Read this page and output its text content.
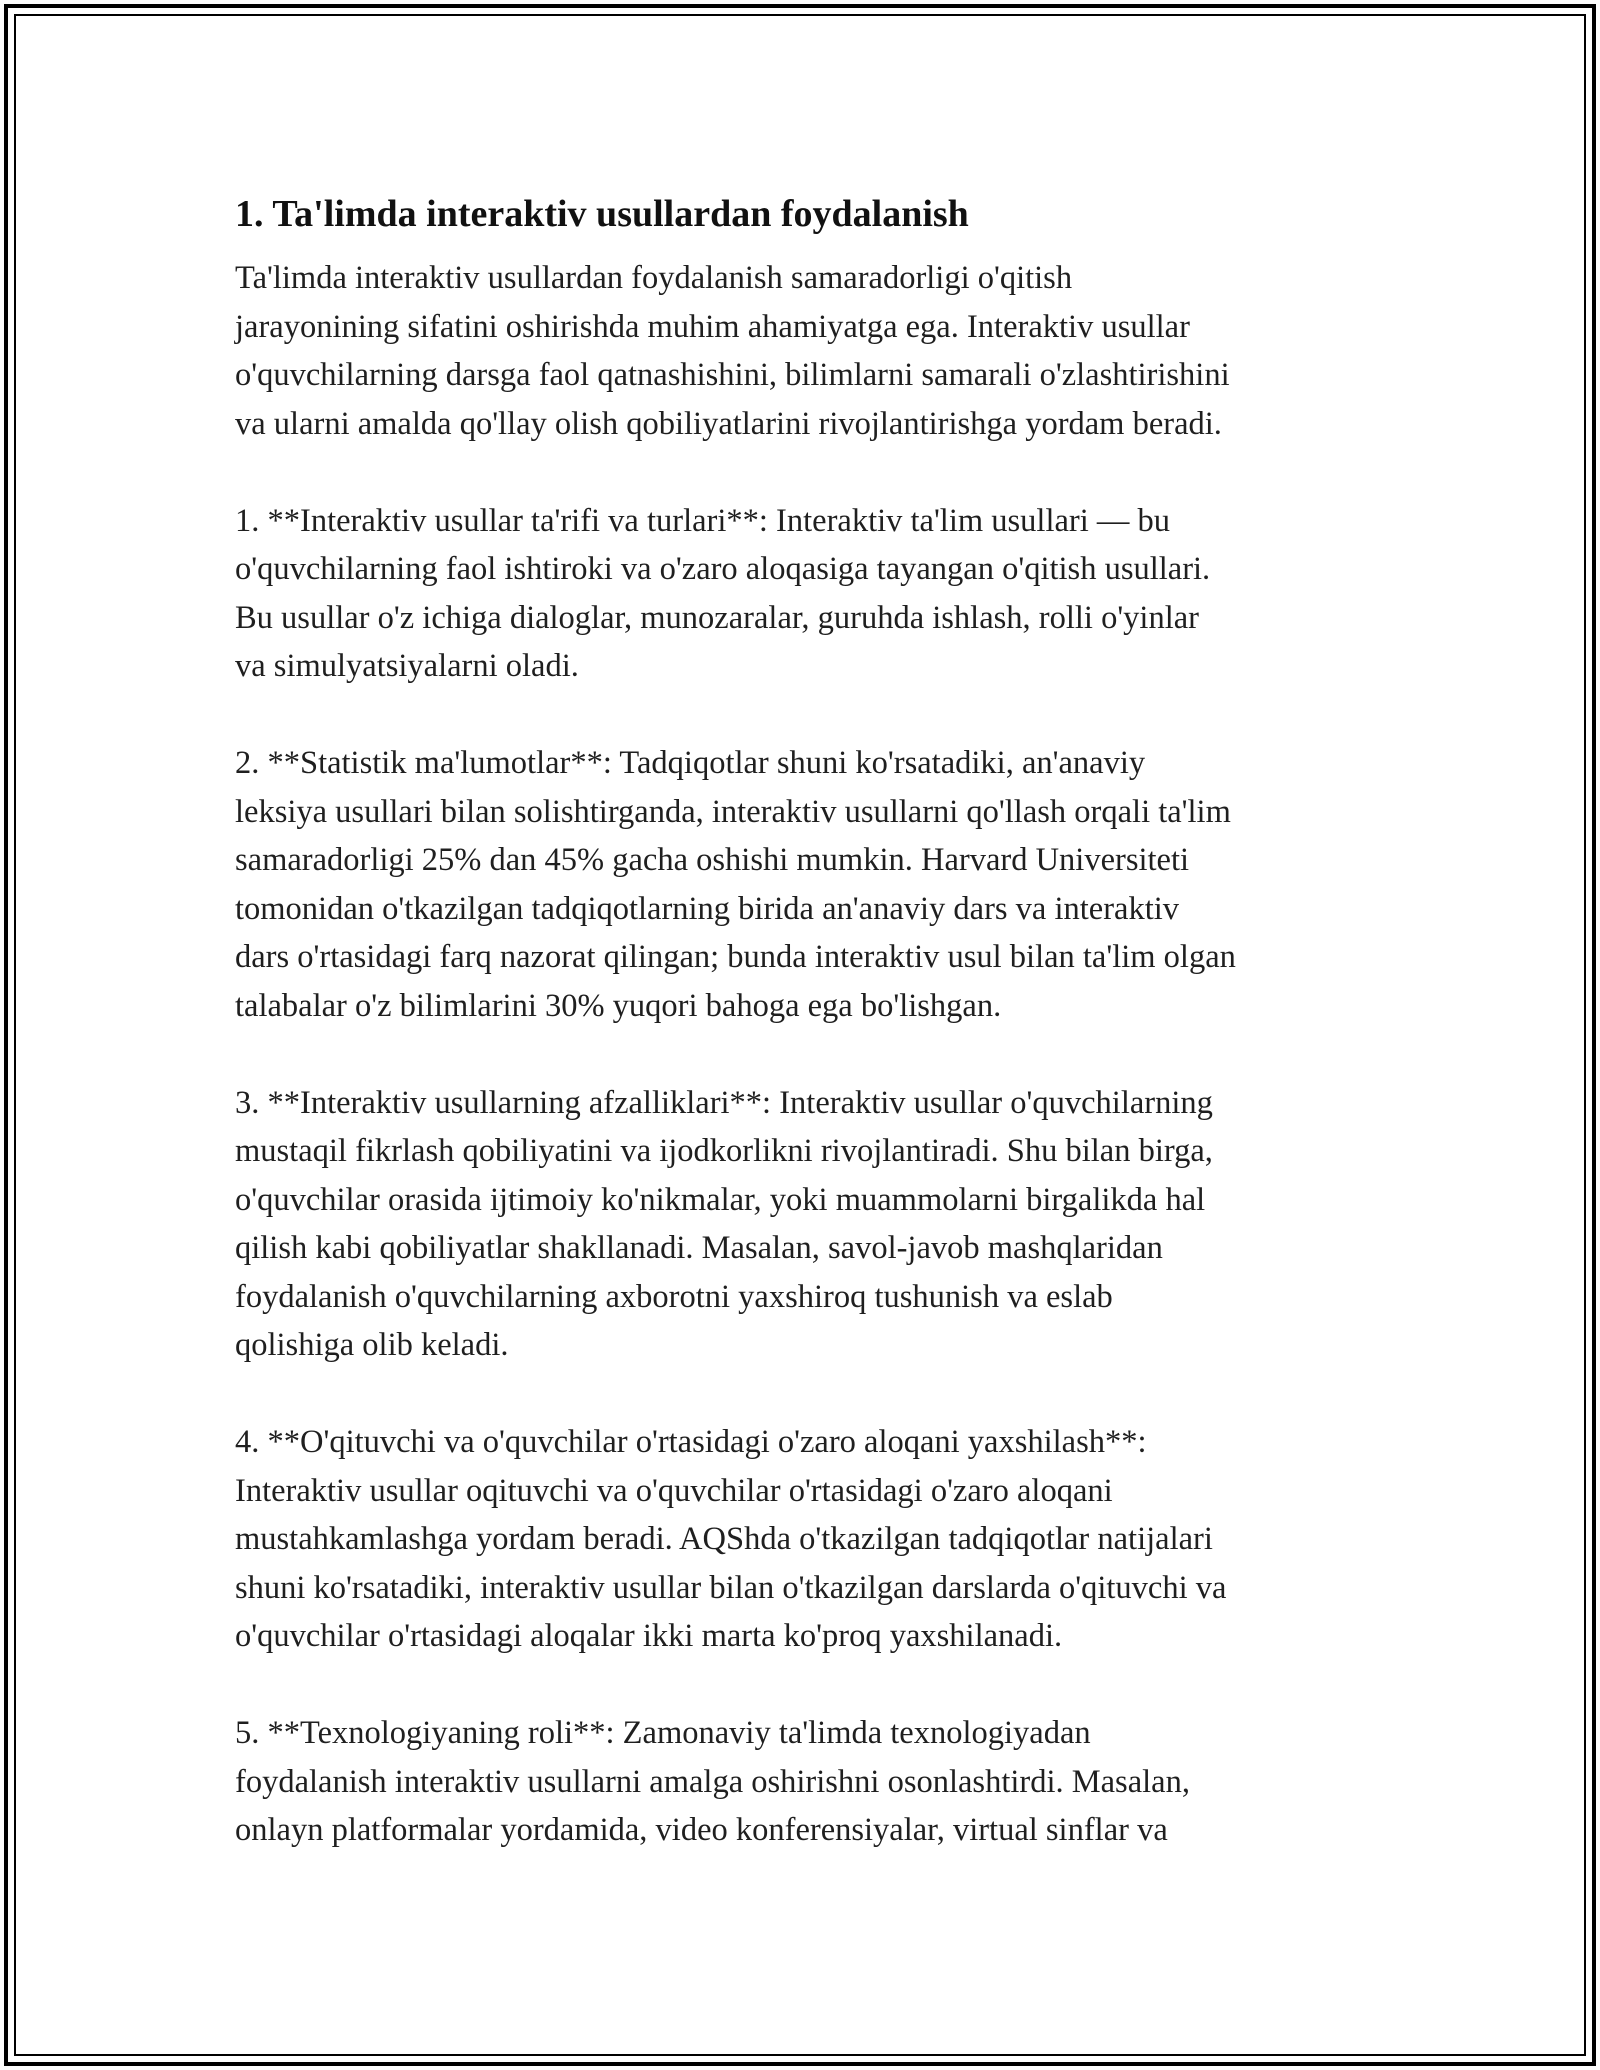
1. Ta'limda interaktiv usullardan foydalanish

Ta'limda interaktiv usullardan foydalanish samaradorligi o'qitish
jarayonining sifatini oshirishda muhim ahamiyatga ega. Interaktiv usullar
o'quvchilarning darsga faol qatnashishini, bilimlarni samarali o'zlashtirishini
va ularni amalda qo'llay olish qobiliyatlarini rivojlantirishga yordam beradi.

1. **Interaktiv usullar ta'rifi va turlari**: Interaktiv ta'lim usullari — bu
o'quvchilarning faol ishtiroki va o'zaro aloqasiga tayangan o'qitish usullari.
Bu usullar o'z ichiga dialoglar, munozaralar, guruhda ishlash, rolli o'yinlar
va simulyatsiyalarni oladi.

2. **Statistik ma'lumotlar**: Tadqiqotlar shuni ko'rsatadiki, an'anaviy
leksiya usullari bilan solishtirganda, interaktiv usullarni qo'llash orqali ta'lim
samaradorligi 25% dan 45% gacha oshishi mumkin. Harvard Universiteti
tomonidan o'tkazilgan tadqiqotlarning birida an'anaviy dars va interaktiv
dars o'rtasidagi farq nazorat qilingan; bunda interaktiv usul bilan ta'lim olgan
talabalar o'z bilimlarini 30% yuqori bahoga ega bo'lishgan.

3. **Interaktiv usullarning afzalliklari**: Interaktiv usullar o'quvchilarning
mustaqil fikrlash qobiliyatini va ijodkorlikni rivojlantiradi. Shu bilan birga,
o'quvchilar orasida ijtimoiy ko'nikmalar, yoki muammolarni birgalikda hal
qilish kabi qobiliyatlar shakllanadi. Masalan, savol-javob mashqlaridan
foydalanish o'quvchilarning axborotni yaxshiroq tushunish va eslab
qolishiga olib keladi.

4. **O'qituvchi va o'quvchilar o'rtasidagi o'zaro aloqani yaxshilash**:
Interaktiv usullar oqituvchi va o'quvchilar o'rtasidagi o'zaro aloqani
mustahkamlashga yordam beradi. AQShda o'tkazilgan tadqiqotlar natijalari
shuni ko'rsatadiki, interaktiv usullar bilan o'tkazilgan darslarda o'qituvchi va
o'quvchilar o'rtasidagi aloqalar ikki marta ko'proq yaxshilanadi.

5. **Texnologiyaning roli**: Zamonaviy ta'limda texnologiyadan
foydalanish interaktiv usullarni amalga oshirishni osonlashtirdi. Masalan,
onlayn platformalar yordamida, video konferensiyalar, virtual sinflar va
